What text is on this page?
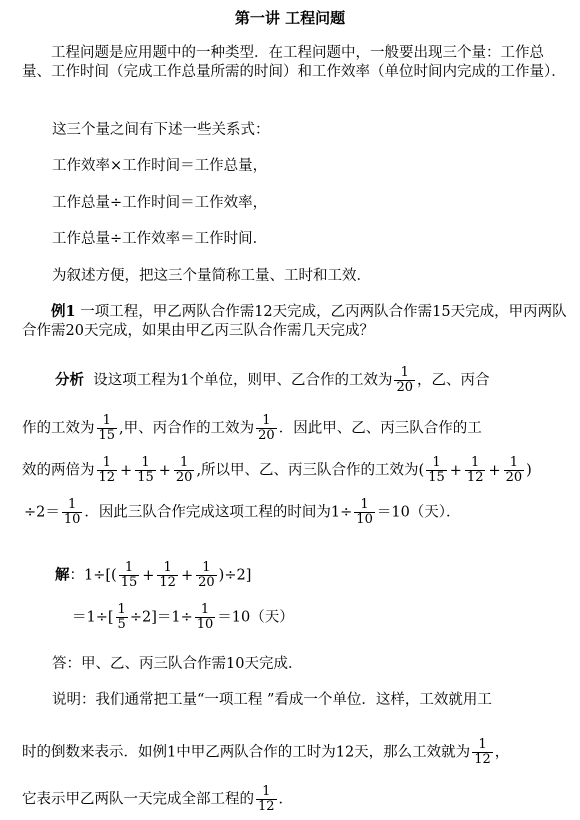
第一讲 工程问题
工程问题是应用题中的一种类型．在工程问题中，一般要出现三个量：工作总量、工作时间（完成工作总量所需的时间）和工作效率（单位时间内完成的工作量）．
这三个量之间有下述一些关系式：
工作效率×工作时间＝工作总量，
工作总量÷工作时间＝工作效率，
工作总量÷工作效率＝工作时间．
为叙述方便，把这三个量简称工量、工时和工效．
例1 一项工程，甲乙两队合作需12天完成，乙丙两队合作需15天完成，甲丙两队合作需20天完成，如果由甲乙丙三队合作需几天完成？
分析 设这项工程为1个单位，则甲、乙合作的工效为 $\frac{1}{20}$ ，乙、丙合
作的工效为 $\frac{1}{15}$ ,甲、丙合作的工效为 $\frac{1}{20}$ ．因此甲、乙、丙三队合作的工
效的两倍为 $\frac{1}{12} + \frac{1}{15} + \frac{1}{20}$ ,所以甲、乙、丙三队合作的工效为( $\frac{1}{15} + \frac{1}{12} + \frac{1}{20}$ )
$\div 2= \frac{1}{10}$ ．因此三队合作完成这项工程的时间为$1\div \frac{1}{10} =10$（天）．
解：$1\div[( \frac{1}{15} + \frac{1}{12} + \frac{1}{20} )\div 2]$
$=1\div[ \frac{1}{5} \div 2]=1\div \frac{1}{10} =10$（天）
答：甲、乙、丙三队合作需10天完成．
说明：我们通常把工量“一项工程 ”看成一个单位．这样，工效就用工
时的倒数来表示．如例1中甲乙两队合作的工时为12天，那么工效就为 $\frac{1}{12}$ ，
它表示甲乙两队一天完成全部工程的 $\frac{1}{12}$ ．
